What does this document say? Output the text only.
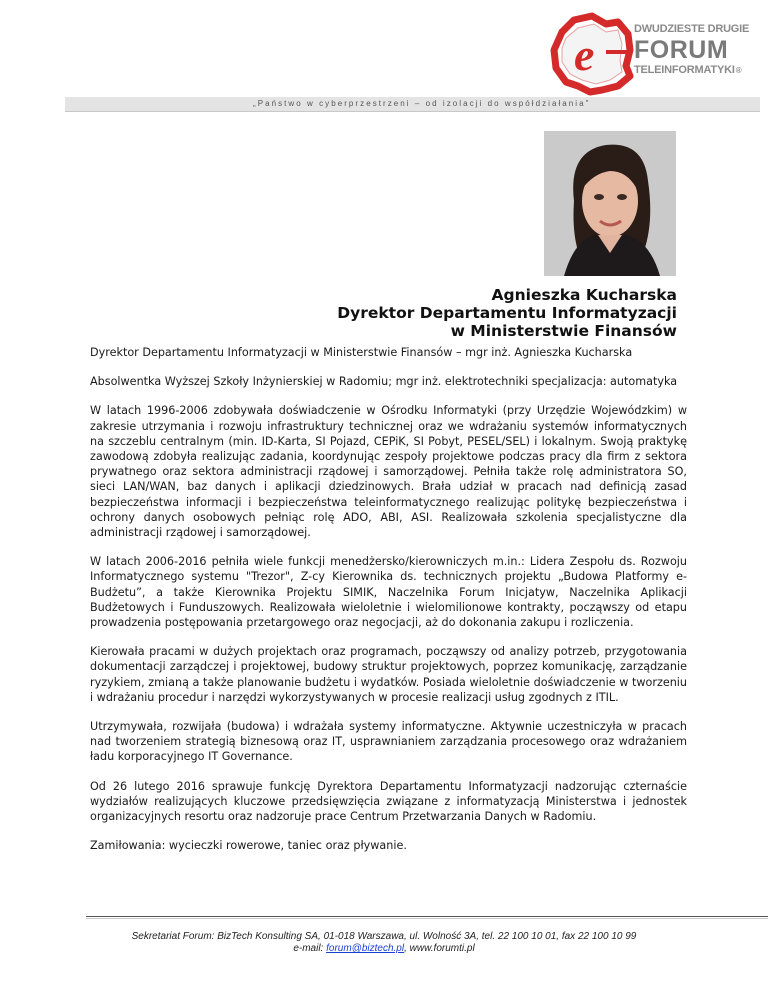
e	DWUDZIESTE DRUGIE
FORUM
TELEINFORMATYKI®
„Państwo w cyberprzestrzeni – od izolacji do współdziałania"
Agnieszka Kucharska
Dyrektor Departamentu Informatyzacji
w Ministerstwie Finansów

Dyrektor Departamentu Informatyzacji w Ministerstwie Finansów – mgr inż. Agnieszka Kucharska

Absolwentka Wyższej Szkoły Inżynierskiej w Radomiu; mgr inż. elektrotechniki specjalizacja: automatyka

W latach 1996-2006 zdobywała doświadczenie w Ośrodku Informatyki (przy Urzędzie Wojewódzkim) w zakresie utrzymania i rozwoju infrastruktury technicznej oraz we wdrażaniu systemów informatycznych na szczeblu centralnym (min. ID-Karta, SI Pojazd, CEPiK, SI Pobyt, PESEL/SEL) i lokalnym. Swoją praktykę zawodową zdobyła realizując zadania, koordynując zespoły projektowe podczas pracy dla firm z sektora prywatnego oraz sektora administracji rządowej i samorządowej. Pełniła także rolę administratora SO, sieci LAN/WAN, baz danych i aplikacji dziedzinowych. Brała udział w pracach nad definicją zasad bezpieczeństwa informacji i bezpieczeństwa teleinformatycznego realizując politykę bezpieczeństwa i ochrony danych osobowych pełniąc rolę ADO, ABI, ASI. Realizowała szkolenia specjalistyczne dla administracji rządowej i samorządowej.

W latach 2006-2016 pełniła wiele funkcji menedżersko/kierowniczych m.in.: Lidera Zespołu ds. Rozwoju Informatycznego systemu "Trezor", Z-cy Kierownika ds. technicznych projektu „Budowa Platformy e-Budżetu”, a także Kierownika Projektu SIMIK, Naczelnika Forum Inicjatyw, Naczelnika Aplikacji Budżetowych i Funduszowych. Realizowała wieloletnie i wielomilionowe kontrakty, począwszy od etapu prowadzenia postępowania przetargowego oraz negocjacji, aż do dokonania zakupu i rozliczenia.

Kierowała pracami w dużych projektach oraz programach, począwszy od analizy potrzeb, przygotowania dokumentacji zarządczej i projektowej, budowy struktur projektowych, poprzez komunikację, zarządzanie ryzykiem, zmianą a także planowanie budżetu i wydatków. Posiada wieloletnie doświadczenie w tworzeniu i wdrażaniu procedur i narzędzi wykorzystywanych w procesie realizacji usług zgodnych z ITIL.

Utrzymywała, rozwijała (budowa) i wdrażała systemy informatyczne. Aktywnie uczestniczyła w pracach nad tworzeniem strategią biznesową oraz IT, usprawnianiem zarządzania procesowego oraz wdrażaniem ładu korporacyjnego IT Governance.

Od 26 lutego 2016 sprawuje funkcję Dyrektora Departamentu Informatyzacji nadzorując czternaście wydziałów realizujących kluczowe przedsięwzięcia związane z informatyzacją Ministerstwa i jednostek organizacyjnych resortu oraz nadzoruje prace Centrum Przetwarzania Danych w Radomiu.

Zamiłowania: wycieczki rowerowe, taniec oraz pływanie.

Sekretariat Forum: BizTech Konsulting SA, 01-018 Warszawa, ul. Wolność 3A, tel. 22 100 10 01, fax 22 100 10 99
e-mail: forum@biztech.pl, www.forumti.pl
